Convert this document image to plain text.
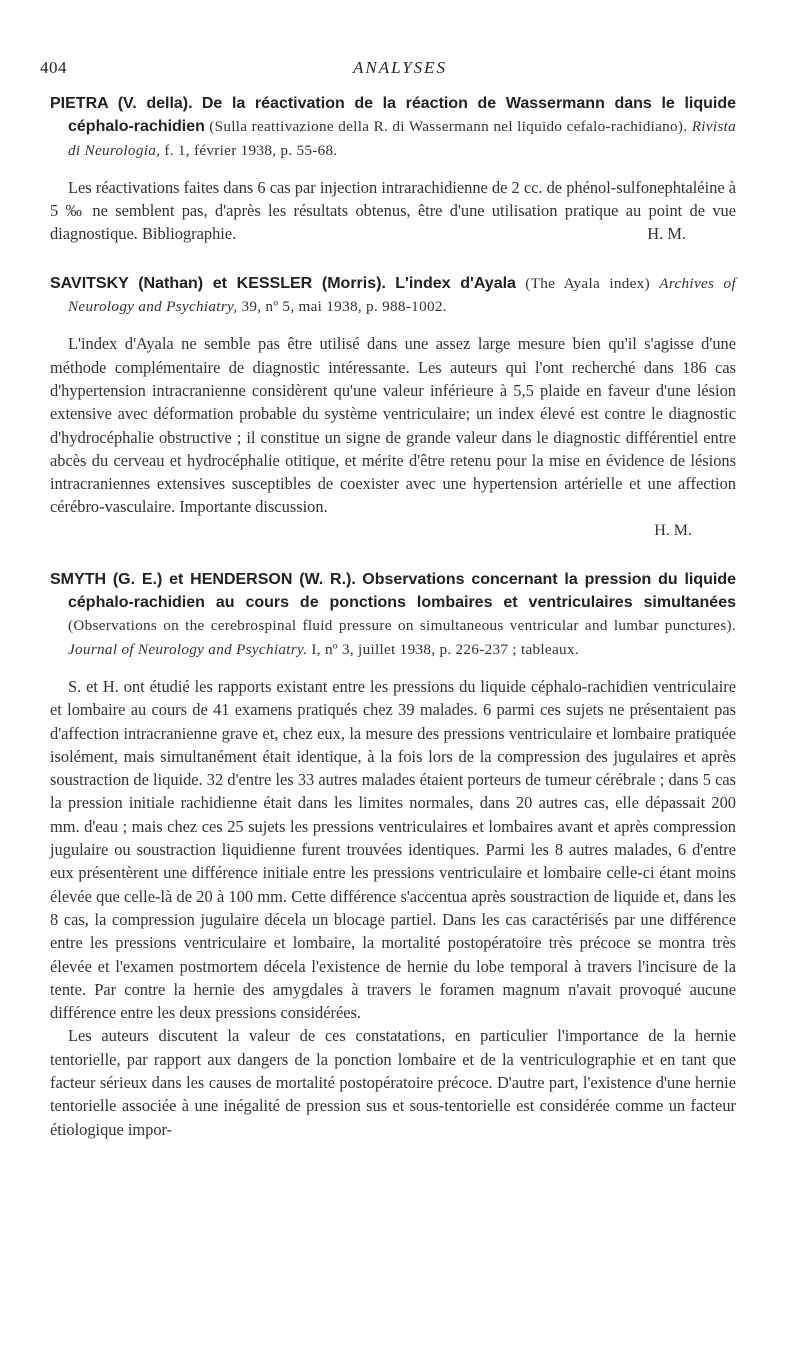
404	ANALYSES

PIETRA (V. della). De la réactivation de la réaction de Wassermann dans le liquide céphalo-rachidien (Sulla reattivazione della R. di Wassermann nel liquido cefalo-rachidiano). Rivista di Neurologia, f. 1, février 1938, p. 55-68.

Les réactivations faites dans 6 cas par injection intrarachidienne de 2 cc. de phénol-sulfonephtaléine à 5 ‰ ne semblent pas, d'après les résultats obtenus, être d'une utilisation pratique au point de vue diagnostique. Bibliographie.	H. M.

SAVITSKY (Nathan) et KESSLER (Morris). L'index d'Ayala (The Ayala index) Archives of Neurology and Psychiatry, 39, nº 5, mai 1938, p. 988-1002.

L'index d'Ayala ne semble pas être utilisé dans une assez large mesure bien qu'il s'agisse d'une méthode complémentaire de diagnostic intéressante. Les auteurs qui l'ont recherché dans 186 cas d'hypertension intracranienne considèrent qu'une valeur inférieure à 5,5 plaide en faveur d'une lésion extensive avec déformation probable du système ventriculaire; un index élevé est contre le diagnostic d'hydrocéphalie obstructive ; il constitue un signe de grande valeur dans le diagnostic différentiel entre abcès du cerveau et hydrocéphalie otitique, et mérite d'être retenu pour la mise en évidence de lésions intracraniennes extensives susceptibles de coexister avec une hypertension artérielle et une affection cérébro-vasculaire. Importante discussion.

H. M.

SMYTH (G. E.) et HENDERSON (W. R.). Observations concernant la pression du liquide céphalo-rachidien au cours de ponctions lombaires et ventriculaires simultanées (Observations on the cerebrospinal fluid pressure on simultaneous ventricular and lumbar punctures). Journal of Neurology and Psychiatry. I, nº 3, juillet 1938, p. 226-237 ; tableaux.

S. et H. ont étudié les rapports existant entre les pressions du liquide céphalo-rachidien ventriculaire et lombaire au cours de 41 examens pratiqués chez 39 malades. 6 parmi ces sujets ne présentaient pas d'affection intracranienne grave et, chez eux, la mesure des pressions ventriculaire et lombaire pratiquée isolément, mais simultanément était identique, à la fois lors de la compression des jugulaires et après soustraction de liquide. 32 d'entre les 33 autres malades étaient porteurs de tumeur cérébrale ; dans 5 cas la pression initiale rachidienne était dans les limites normales, dans 20 autres cas, elle dépassait 200 mm. d'eau ; mais chez ces 25 sujets les pressions ventriculaires et lombaires avant et après compression jugulaire ou soustraction liquidienne furent trouvées identiques. Parmi les 8 autres malades, 6 d'entre eux présentèrent une différence initiale entre les pressions ventriculaire et lombaire celle-ci étant moins élevée que celle-là de 20 à 100 mm. Cette différence s'accentua après soustraction de liquide et, dans les 8 cas, la compression jugulaire décela un blocage partiel. Dans les cas caractérisés par une différence entre les pressions ventriculaire et lombaire, la mortalité postopératoire très précoce se montra très élevée et l'examen postmortem décela l'existence de hernie du lobe temporal à travers l'incisure de la tente. Par contre la hernie des amygdales à travers le foramen magnum n'avait provoqué aucune différence entre les deux pressions considérées.

Les auteurs discutent la valeur de ces constatations, en particulier l'importance de la hernie tentorielle, par rapport aux dangers de la ponction lombaire et de la ventriculographie et en tant que facteur sérieux dans les causes de mortalité postopératoire précoce. D'autre part, l'existence d'une hernie tentorielle associée à une inégalité de pression sus et sous-tentorielle est considérée comme un facteur étiologique impor-
